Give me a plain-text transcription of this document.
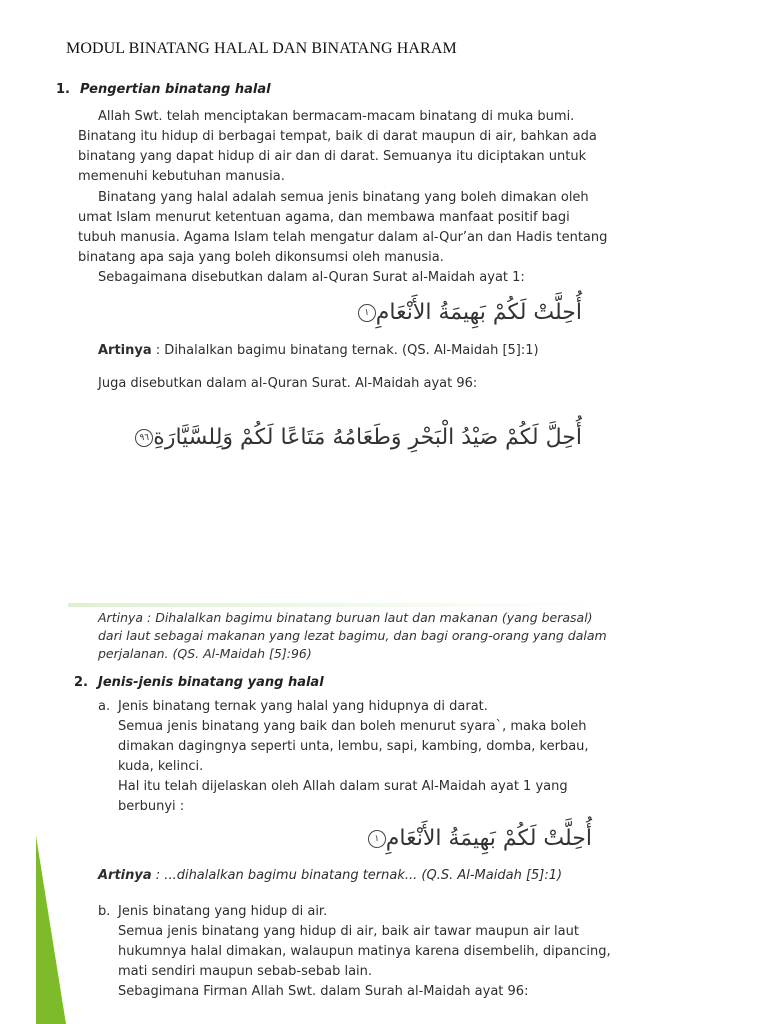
MODUL BINATANG HALAL DAN BINATANG HARAM
1. Pengertian binatang halal
Allah Swt. telah menciptakan bermacam-macam binatang di muka bumi.
Binatang itu hidup di berbagai tempat, baik di darat maupun di air, bahkan ada
binatang yang dapat hidup di air dan di darat. Semuanya itu diciptakan untuk
memenuhi kebutuhan manusia.
Binatang yang halal adalah semua jenis binatang yang boleh dimakan oleh
umat Islam menurut ketentuan agama, dan membawa manfaat positif bagi
tubuh manusia. Agama Islam telah mengatur dalam al-Qur’an dan Hadis tentang
binatang apa saja yang boleh dikonsumsi oleh manusia.
Sebagaimana disebutkan dalam al-Quran Surat al-Maidah ayat 1:
أُحِلَّتْ لَكُمْ بَهِيمَةُ الأَنْعَامِ١
Artinya : Dihalalkan bagimu binatang ternak. (QS. Al-Maidah [5]:1)
Juga disebutkan dalam al-Quran Surat. Al-Maidah ayat 96:
أُحِلَّ لَكُمْ صَيْدُ الْبَحْرِ وَطَعَامُهُ مَتَاعًا لَكُمْ وَلِلسَّيَّارَةِ٩٦
Artinya : Dihalalkan bagimu binatang buruan laut dan makanan (yang berasal)
dari laut sebagai makanan yang lezat bagimu, dan bagi orang-orang yang dalam
perjalanan. (QS. Al-Maidah [5]:96)
2. Jenis-jenis binatang yang halal
a. Jenis binatang ternak yang halal yang hidupnya di darat.
Semua jenis binatang yang baik dan boleh menurut syara`, maka boleh
dimakan dagingnya seperti unta, lembu, sapi, kambing, domba, kerbau,
kuda, kelinci.
Hal itu telah dijelaskan oleh Allah dalam surat Al-Maidah ayat 1 yang
berbunyi :
أُحِلَّتْ لَكُمْ بَهِيمَةُ الأَنْعَامِ١
Artinya : ...dihalalkan bagimu binatang ternak... (Q.S. Al-Maidah [5]:1)
b. Jenis binatang yang hidup di air.
Semua jenis binatang yang hidup di air, baik air tawar maupun air laut
hukumnya halal dimakan, walaupun matinya karena disembelih, dipancing,
mati sendiri maupun sebab-sebab lain.
Sebagimana Firman Allah Swt. dalam Surah al-Maidah ayat 96:
